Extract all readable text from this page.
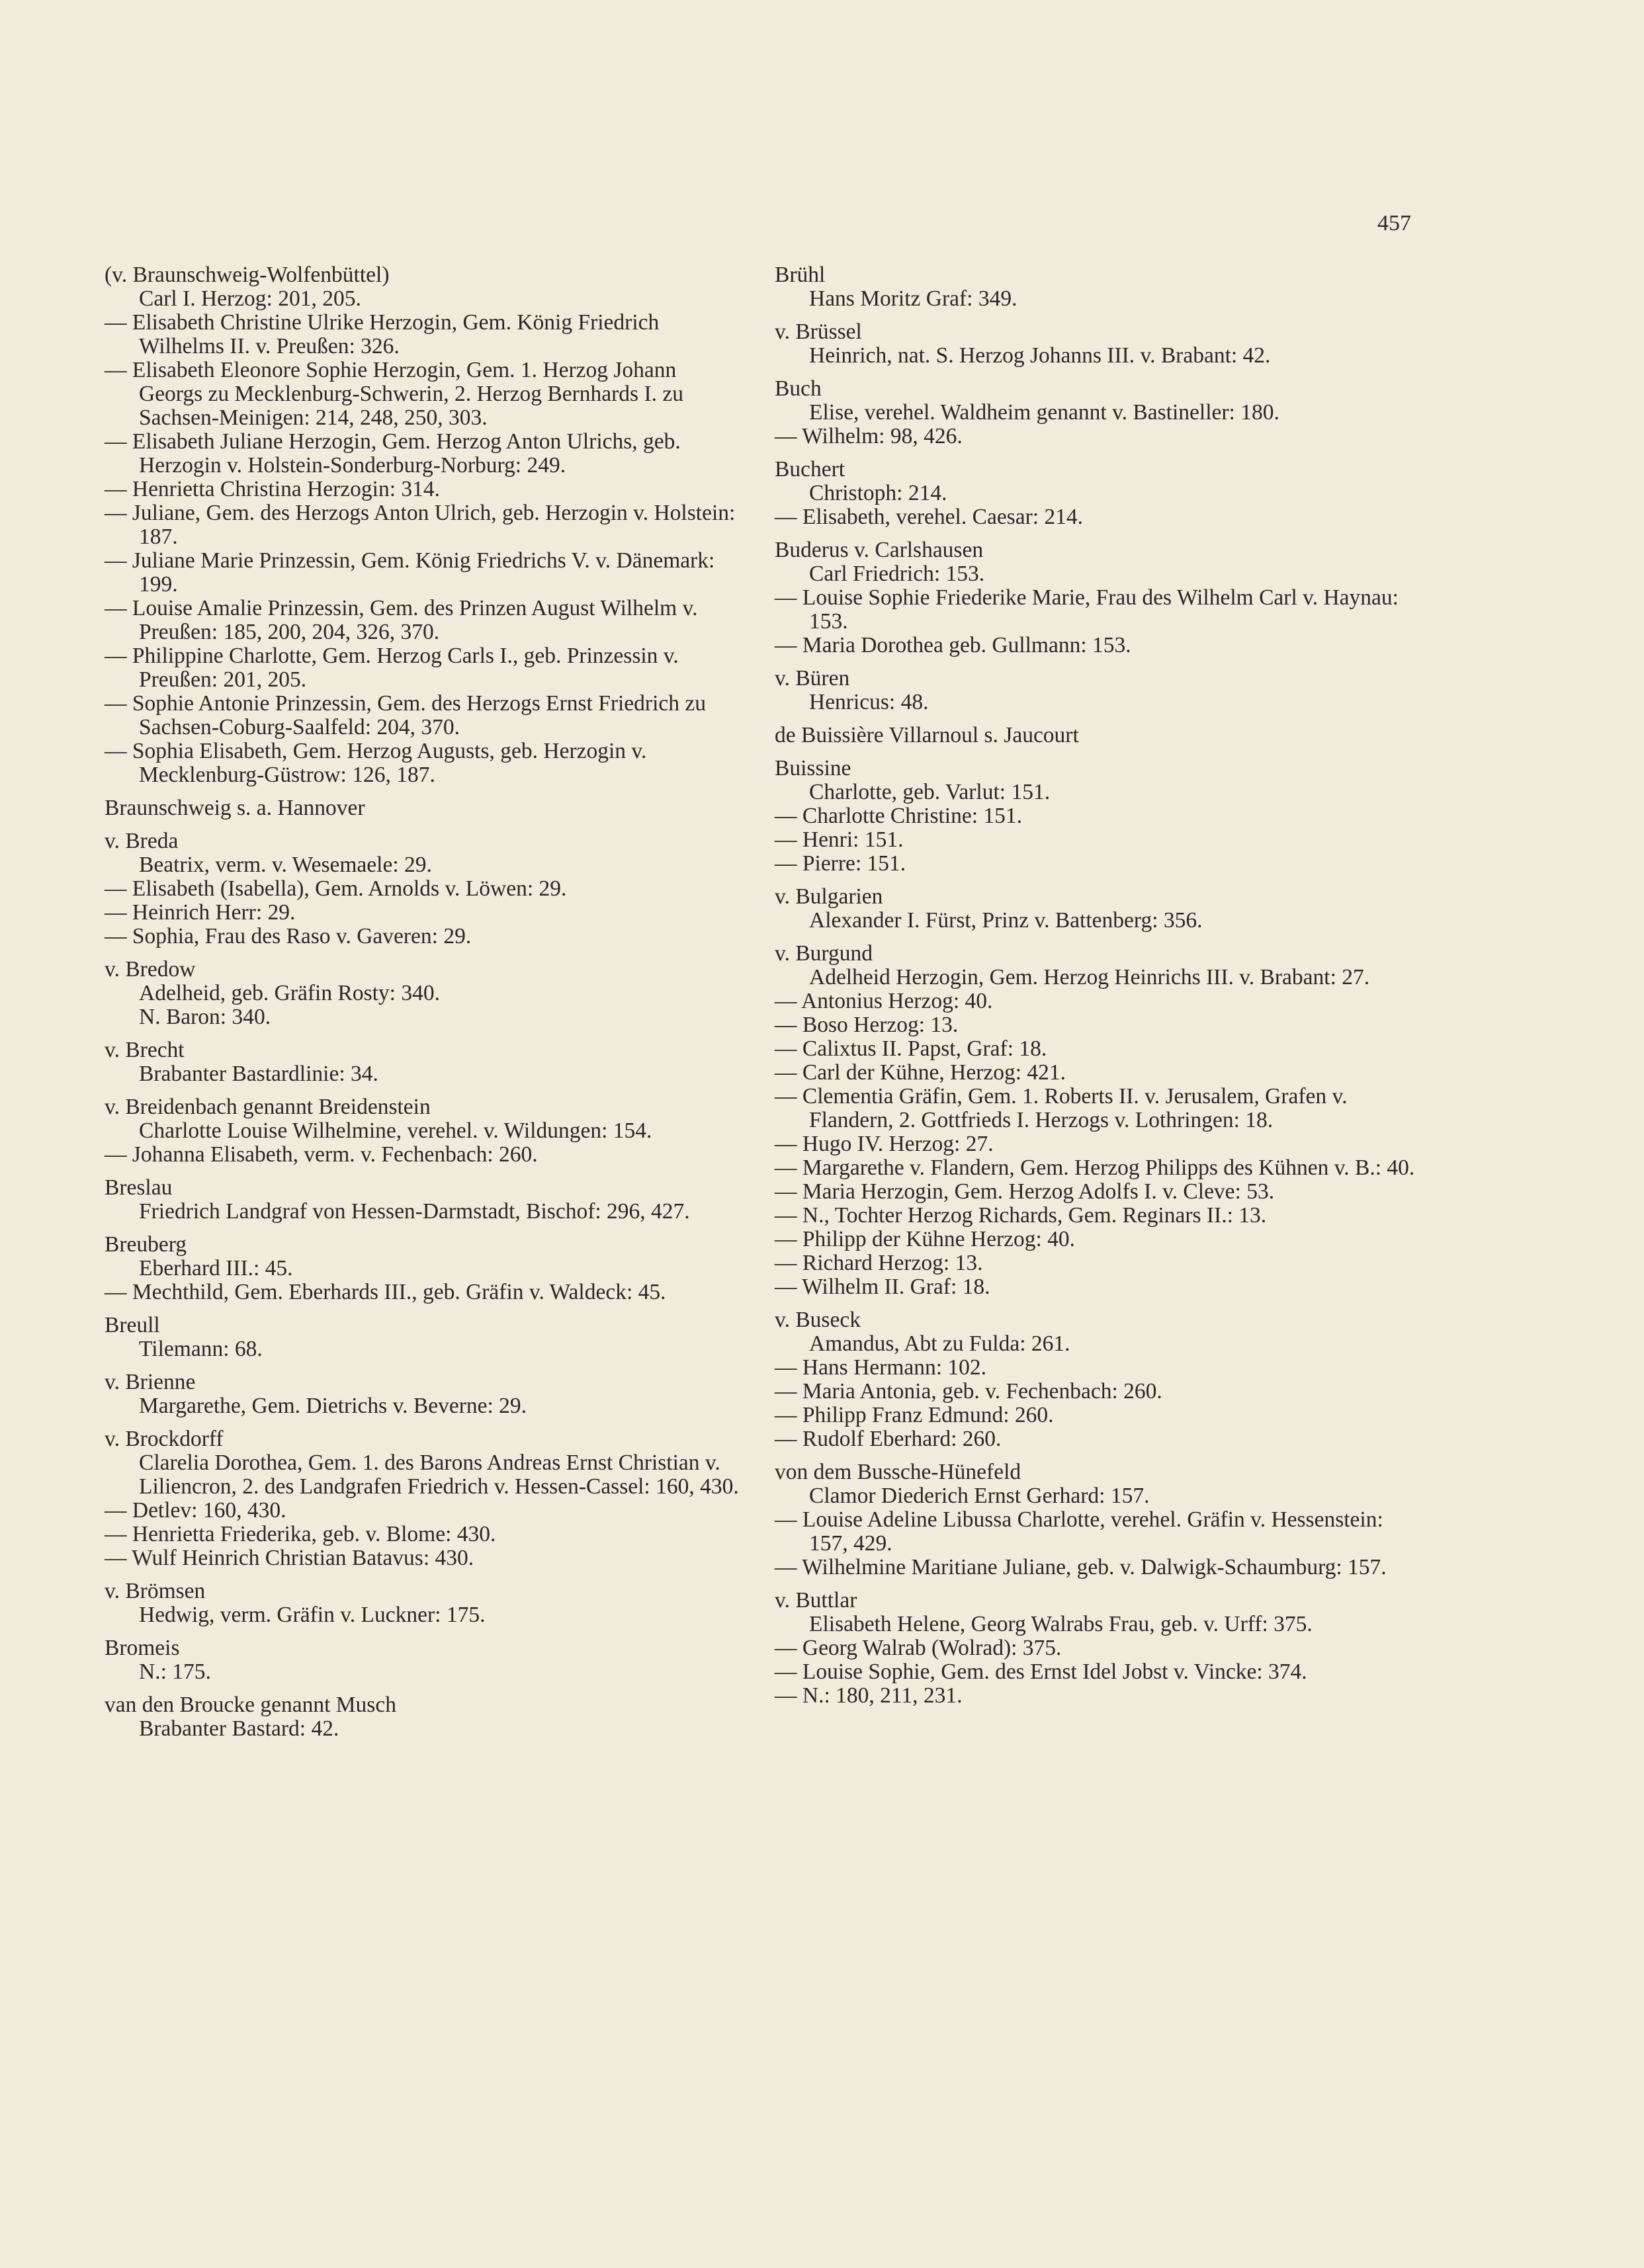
457
(v. Braunschweig-Wolfenbüttel)
Carl I. Herzog: 201, 205.
— Elisabeth Christine Ulrike Herzogin, Gem. König Friedrich Wilhelms II. v. Preußen: 326.
— Elisabeth Eleonore Sophie Herzogin, Gem. 1. Herzog Johann Georgs zu Mecklenburg-Schwerin, 2. Herzog Bernhards I. zu Sachsen-Meinigen: 214, 248, 250, 303.
— Elisabeth Juliane Herzogin, Gem. Herzog Anton Ulrichs, geb. Herzogin v. Holstein-Sonderburg-Norburg: 249.
— Henrietta Christina Herzogin: 314.
— Juliane, Gem. des Herzogs Anton Ulrich, geb. Herzogin v. Holstein: 187.
— Juliane Marie Prinzessin, Gem. König Friedrichs V. v. Dänemark: 199.
— Louise Amalie Prinzessin, Gem. des Prinzen August Wilhelm v. Preußen: 185, 200, 204, 326, 370.
— Philippine Charlotte, Gem. Herzog Carls I., geb. Prinzessin v. Preußen: 201, 205.
— Sophie Antonie Prinzessin, Gem. des Herzogs Ernst Friedrich zu Sachsen-Coburg-Saalfeld: 204, 370.
— Sophia Elisabeth, Gem. Herzog Augusts, geb. Herzogin v. Mecklenburg-Güstrow: 126, 187.
Braunschweig s. a. Hannover
v. Breda
Beatrix, verm. v. Wesemaele: 29.
— Elisabeth (Isabella), Gem. Arnolds v. Löwen: 29.
— Heinrich Herr: 29.
— Sophia, Frau des Raso v. Gaveren: 29.
v. Bredow
Adelheid, geb. Gräfin Rosty: 340.
N. Baron: 340.
v. Brecht
Brabanter Bastardlinie: 34.
v. Breidenbach genannt Breidenstein
Charlotte Louise Wilhelmine, verehel. v. Wildungen: 154.
— Johanna Elisabeth, verm. v. Fechenbach: 260.
Breslau
Friedrich Landgraf von Hessen-Darmstadt, Bischof: 296, 427.
Breuberg
Eberhard III.: 45.
— Mechthild, Gem. Eberhards III., geb. Gräfin v. Waldeck: 45.
Breull
Tilemann: 68.
v. Brienne
Margarethe, Gem. Dietrichs v. Beverne: 29.
v. Brockdorff
Clarelia Dorothea, Gem. 1. des Barons Andreas Ernst Christian v. Liliencron, 2. des Landgrafen Friedrich v. Hessen-Cassel: 160, 430.
— Detlev: 160, 430.
— Henrietta Friederika, geb. v. Blome: 430.
— Wulf Heinrich Christian Batavus: 430.
v. Brömsen
Hedwig, verm. Gräfin v. Luckner: 175.
Bromeis
N.: 175.
van den Broucke genannt Musch
Brabanter Bastard: 42.
Brühl
Hans Moritz Graf: 349.
v. Brüssel
Heinrich, nat. S. Herzog Johanns III. v. Brabant: 42.
Buch
Elise, verehel. Waldheim genannt v. Bastineller: 180.
— Wilhelm: 98, 426.
Buchert
Christoph: 214.
— Elisabeth, verehel. Caesar: 214.
Buderus v. Carlshausen
Carl Friedrich: 153.
— Louise Sophie Friederike Marie, Frau des Wilhelm Carl v. Haynau: 153.
— Maria Dorothea geb. Gullmann: 153.
v. Büren
Henricus: 48.
de Buissière Villarnoul s. Jaucourt
Buissine
Charlotte, geb. Varlut: 151.
— Charlotte Christine: 151.
— Henri: 151.
— Pierre: 151.
v. Bulgarien
Alexander I. Fürst, Prinz v. Battenberg: 356.
v. Burgund
Adelheid Herzogin, Gem. Herzog Heinrichs III. v. Brabant: 27.
— Antonius Herzog: 40.
— Boso Herzog: 13.
— Calixtus II. Papst, Graf: 18.
— Carl der Kühne, Herzog: 421.
— Clementia Gräfin, Gem. 1. Roberts II. v. Jerusalem, Grafen v. Flandern, 2. Gottfrieds I. Herzogs v. Lothringen: 18.
— Hugo IV. Herzog: 27.
— Margarethe v. Flandern, Gem. Herzog Philipps des Kühnen v. B.: 40.
— Maria Herzogin, Gem. Herzog Adolfs I. v. Cleve: 53.
— N., Tochter Herzog Richards, Gem. Reginars II.: 13.
— Philipp der Kühne Herzog: 40.
— Richard Herzog: 13.
— Wilhelm II. Graf: 18.
v. Buseck
Amandus, Abt zu Fulda: 261.
— Hans Hermann: 102.
— Maria Antonia, geb. v. Fechenbach: 260.
— Philipp Franz Edmund: 260.
— Rudolf Eberhard: 260.
von dem Bussche-Hünefeld
Clamor Diederich Ernst Gerhard: 157.
— Louise Adeline Libussa Charlotte, verehel. Gräfin v. Hessenstein: 157, 429.
— Wilhelmine Maritiane Juliane, geb. v. Dalwigk-Schaumburg: 157.
v. Buttlar
Elisabeth Helene, Georg Walrabs Frau, geb. v. Urff: 375.
— Georg Walrab (Wolrad): 375.
— Louise Sophie, Gem. des Ernst Idel Jobst v. Vincke: 374.
— N.: 180, 211, 231.
